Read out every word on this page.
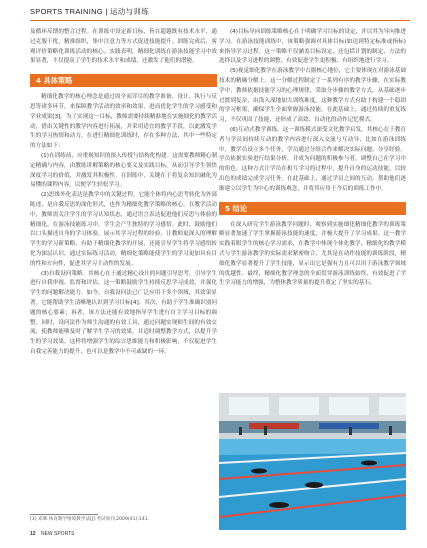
SPORTS TRAINING | 运动与训练

及循环反馈的整合过程。在训练中设定新目标，旨在超越既有技术水平，通过克服干扰，精准组织，集中注意力等方式促进技能提升。训练完成后，客观评价策略化训练活动的核心。实践表明，精细化训练在游泳技能学习中效果显著，不仅提高了学生的技术水平和成绩，还激发了他们的潜能。

4 具体策略

精细化教学的核心理念是通过周全而详尽的教学准备、设计、执行与反思等诸多环节，来保障教学活动的效率和效果，进而优化学生的学习感受和学业成果[3]。为了实现这一目标，教师需要持续精准地在实施细化的教学活动，借由关键性的教学内容进行拓展，并采用适宜的教学手段，以此激发学生的学习热情和动力。在进行精细化训练时，存在多种方法，其中一些特定的方法如下：

(1)在训练前，应重视知识的深入传授与结构化构建。这需要教师精心制定精确与内容，由教练讲解策略的核心要义及实践目标，从而引导学生领悟深度学习的价值，并激发其积极性。在训练中，关键在于将复杂知识融化为易懂的课程内容，以便学生轻松学习。

(2)思维外化表达是教学中的关键过程，它能个体将内心思考转化为外部陈述，是自我反思的深化形式，也作为精细化教学策略的核心。在教学活动中，教师需关注学生的学习认知状态，通过语言表达促进他们反思与体验的精细化。在游泳技能练习中，学生会产生独特的学习感悟。此时，鼓励他们以口头描述自身的学习体验，展示其学习过程的经验，让教师更深入的理解学生的学习新策略，有助于精细化教学的开展，还能引导学生将学习感悟转化为深层认识，通过实际练习活动，精细化策略能使学生的学习更加具有目的性和方向性，促进其学习主动性的发展。

(3)自我设问策略。其核心在于通过精心设计的问题引导思考，引导学生进行自我审视、监督和评估，这一策略鼓励学生持续反思学习成效，并强化学生的问题解决能力。如今，自我设问法已广泛应用于多个领域，其效果显著。它能帮助学生清晰地认识到学习目标[4]；其次，有助于学生准确识别问题的核心要素；再者，该方法还能有效地指导学生进行自主学习目标的调整。同时，设问法作为师生沟通的有效工具，通过问题实现师生间的有效交流，使教师能够及时了解学生学习的效果，并适时调整教学方式，以提升学生的学习效果。这样将增强学生的综合思维能力和积极影响，不仅促进学生自我完善能力的提升，也可以是教学中不可或缺的一环。

(4)目标导向训练策略核心在于明确学习目标的设定，并以其为导向推进学习。在游泳技能训练中，该策略强调对具体目标(如达到特定标准或指标)来指导学习过程。这一策略不仅涵盖目标设定，还包括计划的制定、方法的选择以及学习进程的调整，有效促进学生更积极、有组织地进行学习。

(5)视觉细化教学在游泳教学中占据核心地位，它主要体现在对游泳基础技术的精确分解上。这一分解过程制定了一系列有序的教学步骤，在实际教学中，教师依据技能学习的心理规律，采取分步骤的教学方式，从基础逐步过渡到复杂，由浅入深地加大训练难度。这种教学方式有助于构建一个稳固的学习框架，确保学生全面掌握游泳技能。在此基础上，通过持续的重复练习，不仅巩固了技能，还形成了高效、自动化的动作记忆模式。

(6)互动式教学训练。这一训练模式深受文化教学启发，其核心在于教育者与学员间持续互动的教学内容进行深入交流与互动导，比如在游泳训练中，教学员设立多个任务，学员通过分组合作来解决实际问题、分享经验。学员依据实验进行结果分析，并成为问题的积极参与者，调整自己在学习中的角色。这种方式让学员在相互学习的过程中，提升自身的运动技能，以较出色的成绩完成学习任务。在此基础上，通过学员之间的互动，帮助他们逐渐建立以学生为中心的训练观念，并将其应用于今后的训练工作中。

5 结论

在深入研究学生游泳教学问题时，观察到实施细化精细化教学的训练策略显著加速了学生掌握游泳技能的速度，并极大提升了学习成果。这一教学实践着眼学生的核心学习需求，在教学中体现个体化教学，精细化的教学模式与学生游泳教学的实际需求紧密吻合，尤其是在动作技能的训练阶段，精细化教学显著提升了学生技能，显示出它是强有力且可以用于游泳教学领域的优越性。最终，精细化教学理念的全面贯穿游泳训练始终，有效促进了学生学习能力的增强，为整体教学质量的提升奠定了坚实的基石。

[3] 邓肇.体育教学情境教学法[J].考试周刊,2009(41):141.
12 NEW SPORTS
